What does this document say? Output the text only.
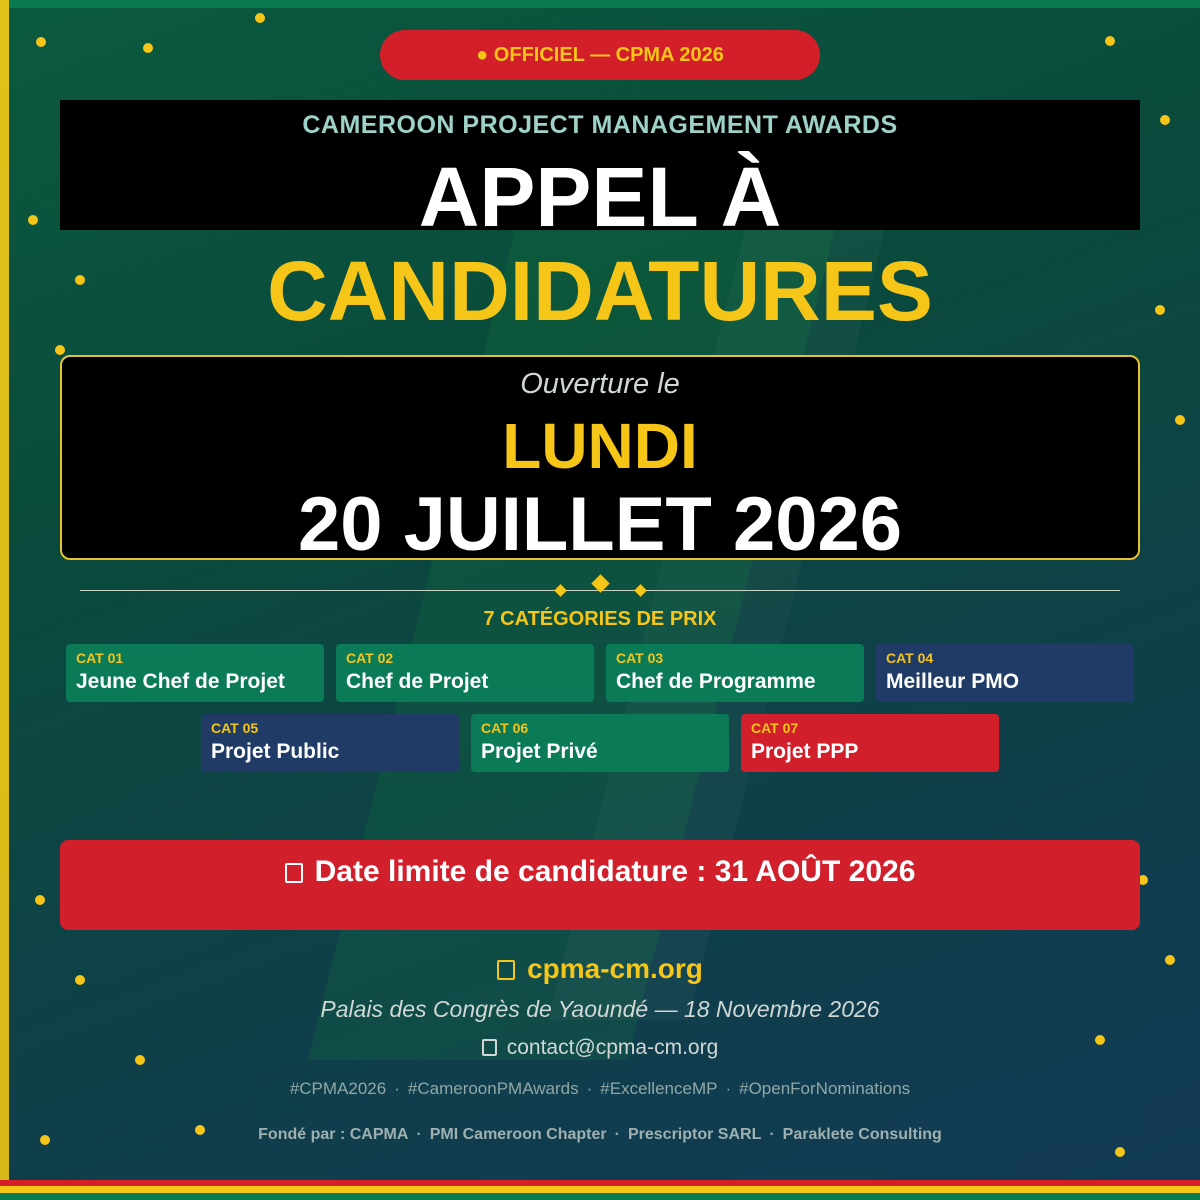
● OFFICIEL — CPMA 2026
CAMEROON PROJECT MANAGEMENT AWARDS
APPEL À
CANDIDATURES
Ouverture le
LUNDI
20 JUILLET 2026
7 CATÉGORIES DE PRIX
CAT 01
Jeune Chef de Projet
CAT 02
Chef de Projet
CAT 03
Chef de Programme
CAT 04
Meilleur PMO
CAT 05
Projet Public
CAT 06
Projet Privé
CAT 07
Projet PPP
Date limite de candidature : 31 AOÛT 2026
cpma-cm.org
Palais des Congrès de Yaoundé — 18 Novembre 2026
contact@cpma-cm.org
#CPMA2026 · #CameroonPMAwards · #ExcellenceMP · #OpenForNominations
Fondé par : CAPMA · PMI Cameroon Chapter · Prescriptor SARL · Paraklete Consulting
